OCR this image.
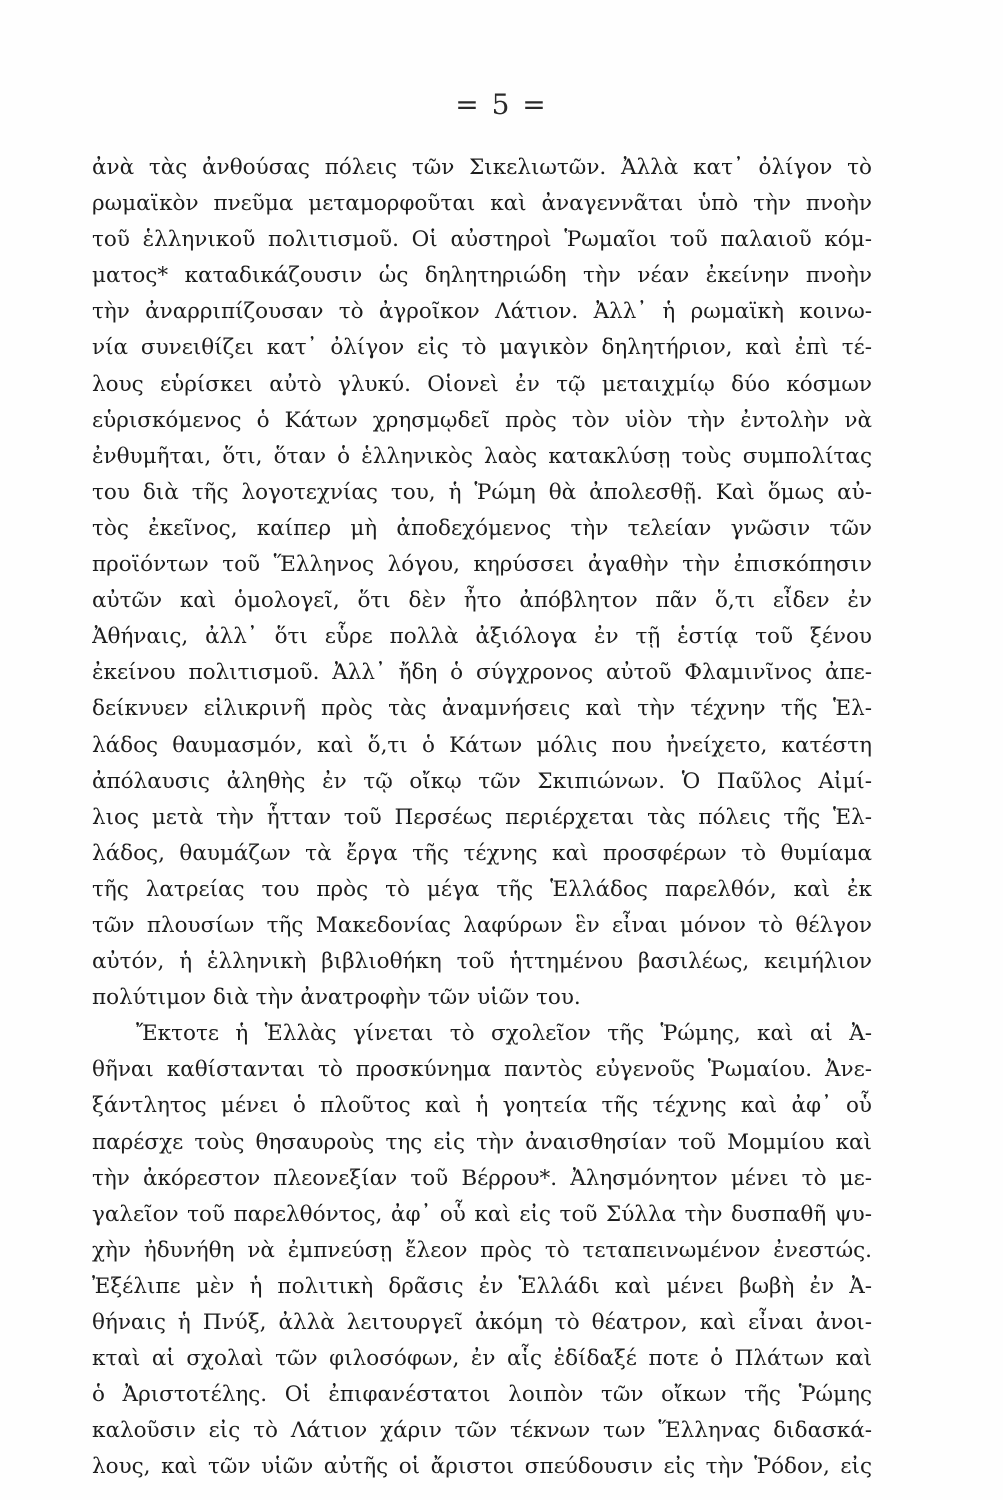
= 5 =
ἀνὰ τὰς ἀνθούσας πόλεις τῶν Σικελιωτῶν. Ἀλλὰ κατ᾽ ὀλίγον τὸ
ρωμαϊκὸν πνεῦμα μεταμορφοῦται καὶ ἀναγεννᾶται ὑπὸ τὴν πνοὴν
τοῦ ἑλληνικοῦ πολιτισμοῦ. Οἱ αὐστηροὶ Ῥωμαῖοι τοῦ παλαιοῦ κόμ-
ματος* καταδικάζουσιν ὡς δηλητηριώδη τὴν νέαν ἐκείνην πνοὴν
τὴν ἀναρριπίζουσαν τὸ ἀγροῖκον Λάτιον. Ἀλλ᾽ ἡ ρωμαϊκὴ κοινω-
νία συνειθίζει κατ᾽ ὀλίγον εἰς τὸ μαγικὸν δηλητήριον, καὶ ἐπὶ τέ-
λους εὑρίσκει αὐτὸ γλυκύ. Οἱονεὶ ἐν τῷ μεταιχμίῳ δύο κόσμων
εὑρισκόμενος ὁ Κάτων χρησμῳδεῖ πρὸς τὸν υἱὸν τὴν ἐντολὴν νὰ
ἐνθυμῆται, ὅτι, ὅταν ὁ ἑλληνικὸς λαὸς κατακλύσῃ τοὺς συμπολίτας
του διὰ τῆς λογοτεχνίας του, ἡ Ῥώμη θὰ ἀπολεσθῇ. Καὶ ὅμως αὐ-
τὸς ἐκεῖνος, καίπερ μὴ ἀποδεχόμενος τὴν τελείαν γνῶσιν τῶν
προϊόντων τοῦ Ἕλληνος λόγου, κηρύσσει ἀγαθὴν τὴν ἐπισκόπησιν
αὐτῶν καὶ ὁμολογεῖ, ὅτι δὲν ἦτο ἀπόβλητον πᾶν ὅ,τι εἶδεν ἐν
Ἀθήναις, ἀλλ᾽ ὅτι εὗρε πολλὰ ἀξιόλογα ἐν τῇ ἑστίᾳ τοῦ ξένου
ἐκείνου πολιτισμοῦ. Ἀλλ᾽ ἤδη ὁ σύγχρονος αὐτοῦ Φλαμινῖνος ἀπε-
δείκνυεν εἰλικρινῆ πρὸς τὰς ἀναμνήσεις καὶ τὴν τέχνην τῆς Ἑλ-
λάδος θαυμασμόν, καὶ ὅ,τι ὁ Κάτων μόλις που ἠνείχετο, κατέστη
ἀπόλαυσις ἀληθὴς ἐν τῷ οἴκῳ τῶν Σκιπιώνων. Ὁ Παῦλος Αἰμί-
λιος μετὰ τὴν ἧτταν τοῦ Περσέως περιέρχεται τὰς πόλεις τῆς Ἑλ-
λάδος, θαυμάζων τὰ ἔργα τῆς τέχνης καὶ προσφέρων τὸ θυμίαμα
τῆς λατρείας του πρὸς τὸ μέγα τῆς Ἑλλάδος παρελθόν, καὶ ἐκ
τῶν πλουσίων τῆς Μακεδονίας λαφύρων ἓν εἶναι μόνον τὸ θέλγον
αὐτόν, ἡ ἑλληνικὴ βιβλιοθήκη τοῦ ἡττημένου βασιλέως, κειμήλιον
πολύτιμον διὰ τὴν ἀνατροφὴν τῶν υἱῶν του.
Ἔκτοτε ἡ Ἑλλὰς γίνεται τὸ σχολεῖον τῆς Ῥώμης, καὶ αἱ Ἀ-
θῆναι καθίστανται τὸ προσκύνημα παντὸς εὐγενοῦς Ῥωμαίου. Ἀνε-
ξάντλητος μένει ὁ πλοῦτος καὶ ἡ γοητεία τῆς τέχνης καὶ ἀφ᾽ οὗ
παρέσχε τοὺς θησαυροὺς της εἰς τὴν ἀναισθησίαν τοῦ Μομμίου καὶ
τὴν ἀκόρεστον πλεονεξίαν τοῦ Βέρρου*. Ἀλησμόνητον μένει τὸ με-
γαλεῖον τοῦ παρελθόντος, ἀφ᾽ οὗ καὶ εἰς τοῦ Σύλλα τὴν δυσπαθῆ ψυ-
χὴν ἠδυνήθη νὰ ἐμπνεύσῃ ἔλεον πρὸς τὸ τεταπεινωμένον ἐνεστώς.
Ἐξέλιπε μὲν ἡ πολιτικὴ δρᾶσις ἐν Ἑλλάδι καὶ μένει βωβὴ ἐν Ἀ-
θήναις ἡ Πνύξ, ἀλλὰ λειτουργεῖ ἀκόμη τὸ θέατρον, καὶ εἶναι ἀνοι-
κταὶ αἱ σχολαὶ τῶν φιλοσόφων, ἐν αἷς ἐδίδαξέ ποτε ὁ Πλάτων καὶ
ὁ Ἀριστοτέλης. Οἱ ἐπιφανέστατοι λοιπὸν τῶν οἴκων τῆς Ῥώμης
καλοῦσιν εἰς τὸ Λάτιον χάριν τῶν τέκνων των Ἕλληνας διδασκά-
λους, καὶ τῶν υἱῶν αὐτῆς οἱ ἄριστοι σπεύδουσιν εἰς τὴν Ῥόδον, εἰς
